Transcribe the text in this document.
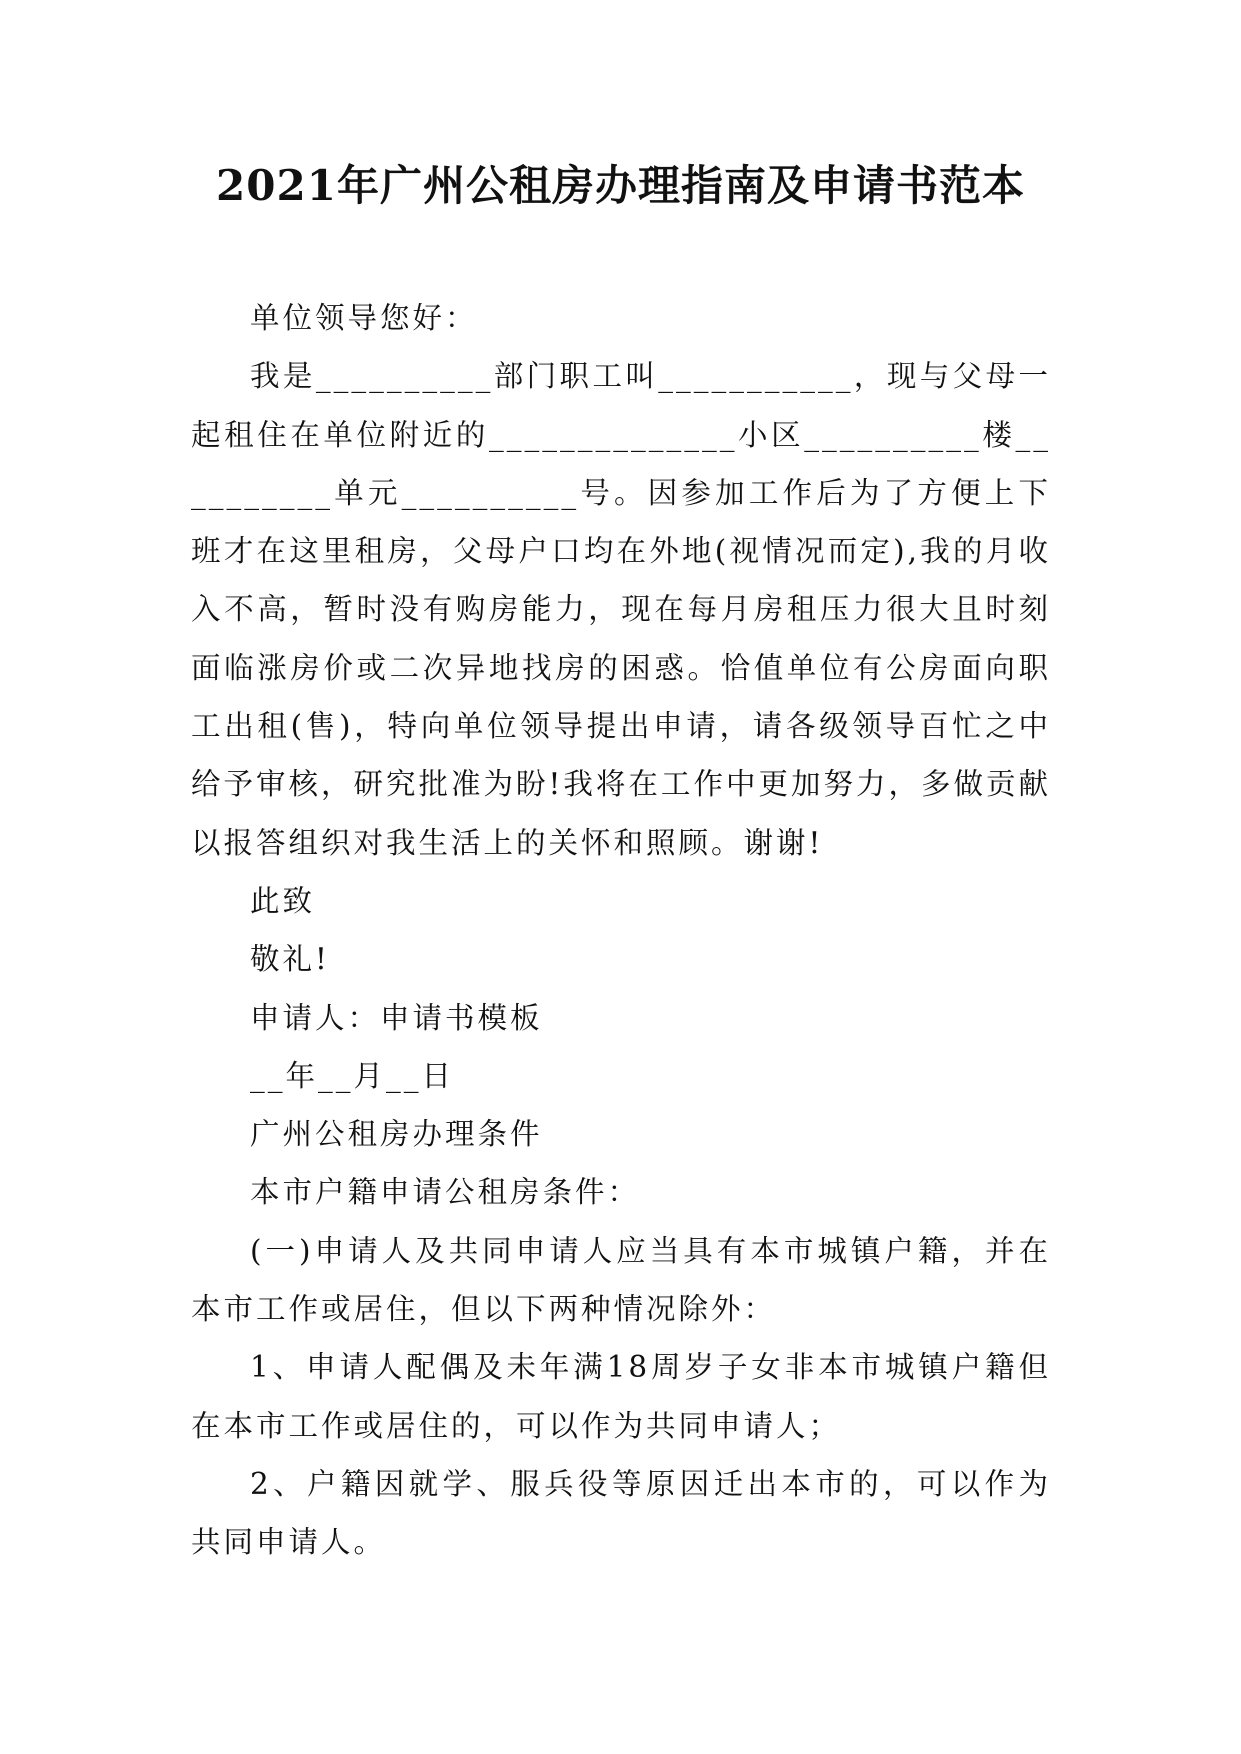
2021年广州公租房办理指南及申请书范本

单位领导您好：

我是__________部门职工叫___________，现与父母一起租住在单位附近的______________小区__________楼__________单元__________号。因参加工作后为了方便上下班才在这里租房，父母户口均在外地(视情况而定),我的月收入不高，暂时没有购房能力，现在每月房租压力很大且时刻面临涨房价或二次异地找房的困惑。恰值单位有公房面向职工出租(售)，特向单位领导提出申请，请各级领导百忙之中给予审核，研究批准为盼!我将在工作中更加努力，多做贡献以报答组织对我生活上的关怀和照顾。谢谢!

此致

敬礼!

申请人：申请书模板

__年__月__日

广州公租房办理条件

本市户籍申请公租房条件：

(一)申请人及共同申请人应当具有本市城镇户籍，并在本市工作或居住，但以下两种情况除外：

1、申请人配偶及未年满18周岁子女非本市城镇户籍但在本市工作或居住的，可以作为共同申请人；

2、户籍因就学、服兵役等原因迁出本市的，可以作为共同申请人。
